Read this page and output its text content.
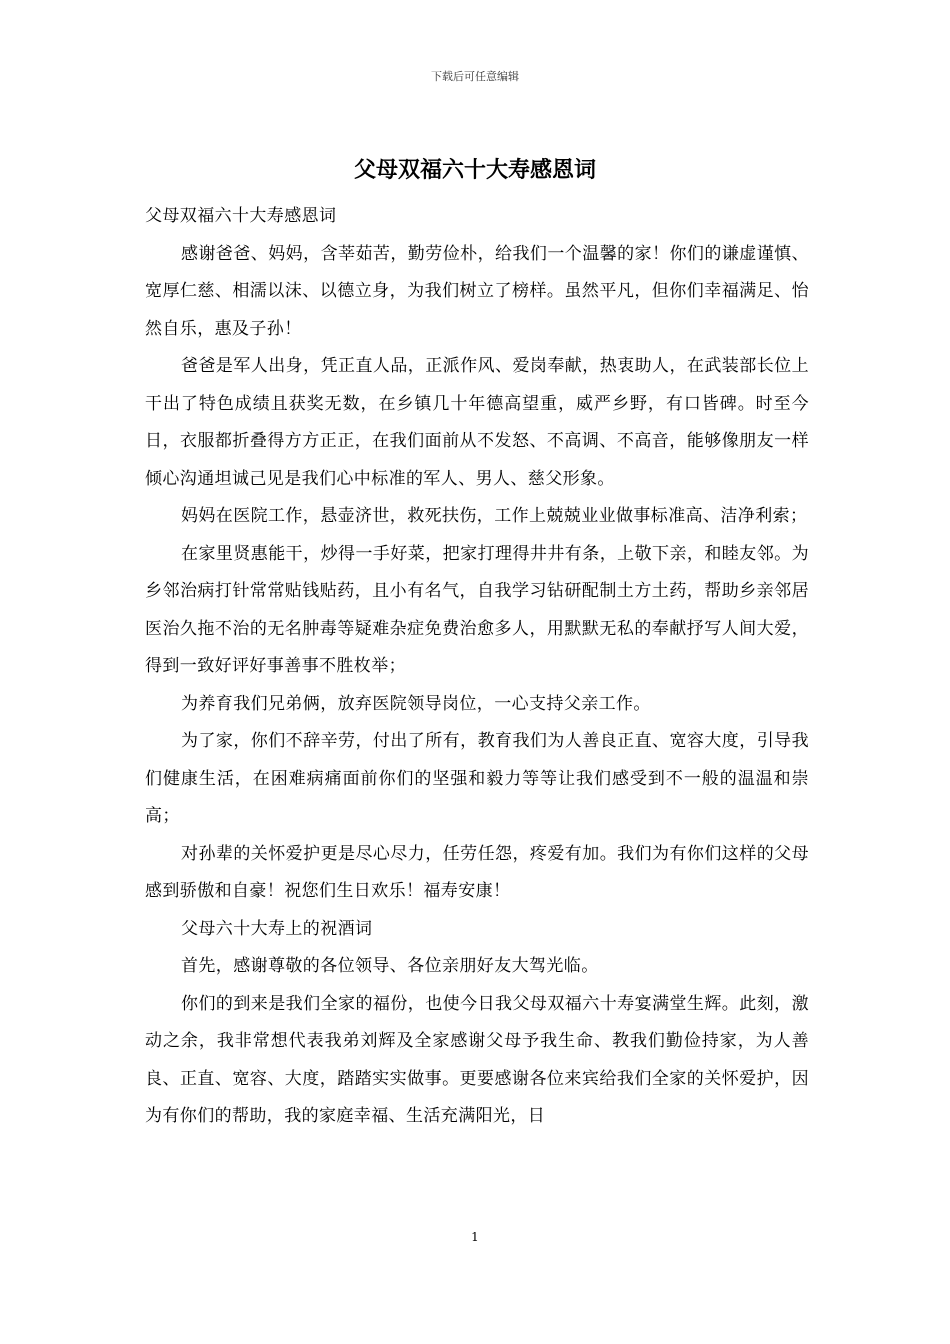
下载后可任意编辑
父母双福六十大寿感恩词

父母双福六十大寿感恩词

感谢爸爸、妈妈，含莘茹苦，勤劳俭朴，给我们一个温馨的家！你们的谦虚谨慎、宽厚仁慈、相濡以沫、以德立身，为我们树立了榜样。虽然平凡，但你们幸福满足、怡然自乐，惠及子孙！

爸爸是军人出身，凭正直人品，正派作风、爱岗奉献，热衷助人，在武装部长位上干出了特色成绩且获奖无数，在乡镇几十年德高望重，威严乡野，有口皆碑。时至今日，衣服都折叠得方方正正，在我们面前从不发怒、不高调、不高音，能够像朋友一样倾心沟通坦诚己见是我们心中标准的军人、男人、慈父形象。

妈妈在医院工作，悬壶济世，救死扶伤，工作上兢兢业业做事标准高、洁净利索；

在家里贤惠能干，炒得一手好菜，把家打理得井井有条，上敬下亲，和睦友邻。为乡邻治病打针常常贴钱贴药，且小有名气，自我学习钻研配制土方土药，帮助乡亲邻居医治久拖不治的无名肿毒等疑难杂症免费治愈多人，用默默无私的奉献抒写人间大爱，得到一致好评好事善事不胜枚举；

为养育我们兄弟俩，放弃医院领导岗位，一心支持父亲工作。

为了家，你们不辞辛劳，付出了所有，教育我们为人善良正直、宽容大度，引导我们健康生活，在困难病痛面前你们的坚强和毅力等等让我们感受到不一般的温温和崇高；

对孙辈的关怀爱护更是尽心尽力，任劳任怨，疼爱有加。我们为有你们这样的父母感到骄傲和自豪！祝您们生日欢乐！福寿安康！

父母六十大寿上的祝酒词

首先，感谢尊敬的各位领导、各位亲朋好友大驾光临。

你们的到来是我们全家的福份，也使今日我父母双福六十寿宴满堂生辉。此刻，激动之余，我非常想代表我弟刘辉及全家感谢父母予我生命、教我们勤俭持家，为人善良、正直、宽容、大度，踏踏实实做事。更要感谢各位来宾给我们全家的关怀爱护，因为有你们的帮助，我的家庭幸福、生活充满阳光，日

1
